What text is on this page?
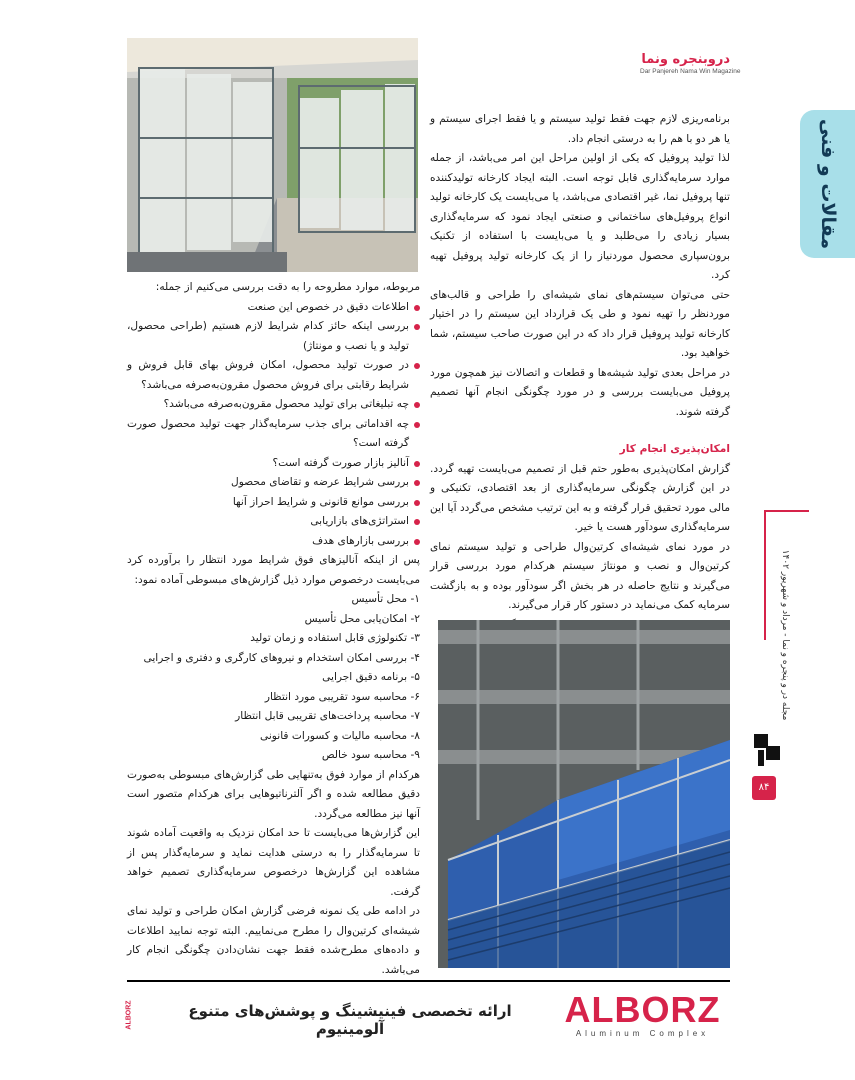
دروبنجره ونما
Dar Panjereh Nama Win Magazine
مقالات و فنی
مجله در و پنجره و نما - مرداد و شهریور ۱۴۰۲
۸۴

برنامه‌ریزی لازم جهت فقط تولید سیستم و یا فقط اجرای سیستم و یا هر دو با هم را به درستی انجام داد.

لذا تولید پروفیل که یکی از اولین مراحل این امر می‌باشد، از جمله موارد سرمایه‌گذاری قابل توجه است. البته ایجاد کارخانه تولیدکننده تنها پروفیل نما، غیر اقتصادی می‌باشد، یا می‌بایست یک کارخانه تولید انواع پروفیل‌های ساختمانی و صنعتی ایجاد نمود که سرمایه‌گذاری بسیار زیادی را می‌طلبد و یا می‌بایست با استفاده از تکنیک برون‌سپاری محصول موردنیاز را از یک کارخانه تولید پروفیل تهیه کرد.

حتی می‌توان سیستم‌های نمای شیشه‌ای را طراحی و قالب‌های موردنظر را تهیه نمود و طی یک قرارداد این سیستم را در اختیار کارخانه تولید پروفیل قرار داد که در این صورت صاحب سیستم، شما خواهید بود.

در مراحل بعدی تولید شیشه‌ها و قطعات و اتصالات نیز همچون مورد پروفیل می‌بایست بررسی و در مورد چگونگی انجام آنها تصمیم گرفته شوند.

امکان‌پذیری انجام کار

گزارش امکان‌پذیری به‌طور حتم قبل از تصمیم می‌بایست تهیه گردد. در این گزارش چگونگی سرمایه‌گذاری از بعد اقتصادی، تکنیکی و مالی مورد تحقیق قرار گرفته و به این ترتیب مشخص می‌گردد آیا این سرمایه‌گذاری سودآور هست یا خیر.

در مورد نمای شیشه‌ای کرتین‌وال طراحی و تولید سیستم نمای کرتین‌وال و نصب و مونتاژ سیستم هرکدام مورد بررسی قرار می‌گیرند و نتایج حاصله در هر بخش اگر سودآور بوده و به بازگشت سرمایه کمک می‌نماید در دستور کار قرار می‌گیرند.

مربوطه، موارد مطروحه را به دقت بررسی می‌کنیم از جمله:

اطلاعات دقیق در خصوص این صنعت
بررسی اینکه حائز کدام شرایط لازم هستیم (طراحی محصول، تولید و یا نصب و مونتاژ)
در صورت تولید محصول، امکان فروش بهای قابل فروش و شرایط رقابتی برای فروش محصول مقرون‌به‌صرفه می‌باشد؟
چه تبلیغاتی برای تولید محصول مقرون‌به‌صرفه می‌باشد؟
چه اقداماتی برای جذب سرمایه‌گذار جهت تولید محصول صورت گرفته است؟
آنالیز بازار صورت گرفته است؟
بررسی شرایط عرضه و تقاضای محصول
بررسی موانع قانونی و شرایط احراز آنها
استراتژی‌های بازاریابی
بررسی بازارهای هدف

پس از اینکه آنالیزهای فوق شرایط مورد انتظار را برآورده کرد می‌بایست درخصوص موارد ذیل گزارش‌های مبسوطی آماده نمود:

۱- محل تأسیس

۲- امکان‌یابی محل تأسیس

۳- تکنولوژی قابل استفاده و زمان تولید

۴- بررسی امکان استخدام و نیروهای کارگری و دفتری و اجرایی

۵- برنامه دقیق اجرایی

۶- محاسبه سود تقریبی مورد انتظار

۷- محاسبه پرداخت‌های تقریبی قابل انتظار

۸- محاسبه مالیات و کسورات قانونی

۹- محاسبه سود خالص

هرکدام از موارد فوق به‌تنهایی طی گزارش‌های مبسوطی به‌صورت دقیق مطالعه شده و اگر آلترناتیوهایی برای هرکدام متصور است آنها نیز مطالعه می‌گردد.

این گزارش‌ها می‌بایست تا حد امکان نزدیک به واقعیت آماده شوند تا سرمایه‌گذار را به درستی هدایت نماید و سرمایه‌گذار پس از مشاهده این گزارش‌ها درخصوص سرمایه‌گذاری تصمیم خواهد گرفت.

در ادامه طی یک نمونه فرضی گزارش امکان طراحی و تولید نمای شیشه‌ای کرتین‌وال را مطرح می‌نماییم. البته توجه نمایید اطلاعات و داده‌های مطرح‌شده فقط جهت نشان‌دادن چگونگی انجام کار می‌باشد.

ALBORZ	ارائه تخصصی فینیشینگ و پوشش‌های متنوع آلومینیوم	ALBORZ
Aluminum Complex
